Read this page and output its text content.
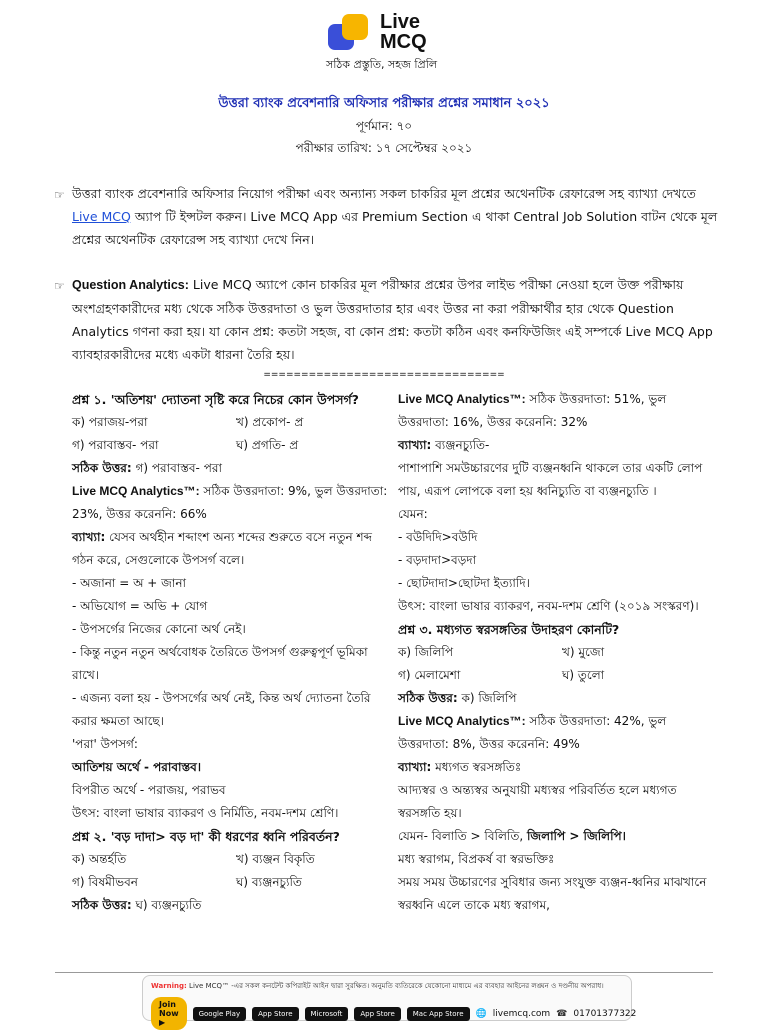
Live
MCQ
সঠিক প্রস্তুতি, সহজ প্রিলি
উত্তরা ব্যাংক প্রবেশনারি অফিসার পরীক্ষার প্রশ্নের সমাধান ২০২১
পূর্ণমান: ৭০
পরীক্ষার তারিখ: ১৭ সেপ্টেম্বর ২০২১
☞ উত্তরা ব্যাংক প্রবেশনারি অফিসার নিয়োগ পরীক্ষা এবং অন্যান্য সকল চাকরির মূল প্রশ্নের অথেনটিক রেফারেন্স সহ ব্যাখ্যা দেখতে Live MCQ অ্যাপ টি ইন্সটল করুন। Live MCQ App এর Premium Section এ থাকা Central Job Solution বাটন থেকে মূল প্রশ্নের অথেনটিক রেফারেন্স সহ ব্যাখ্যা দেখে নিন।
☞ Question Analytics: Live MCQ অ্যাপে কোন চাকরির মূল পরীক্ষার প্রশ্নের উপর লাইভ পরীক্ষা নেওয়া হলে উক্ত পরীক্ষায় অংশগ্রহণকারীদের মধ্য থেকে সঠিক উত্তরদাতা ও ভুল উত্তরদাতার হার এবং উত্তর না করা পরীক্ষার্থীর হার থেকে Question Analytics গণনা করা হয়। যা কোন প্রশ্ন: কতটা সহজ, বা কোন প্রশ্ন: কতটা কঠিন এবং কনফিউজিং এই সম্পর্কে Live MCQ App ব্যাবহারকারীদের মধ্যে একটা ধারনা তৈরি হয়।
================================
প্রশ্ন ১. 'অতিশয়' দ্যোতনা সৃষ্টি করে নিচের কোন উপসর্গ?
ক) পরাজয়-পরা	খ) প্রকোপ- প্র
গ) পরাবাস্তব- পরা	ঘ) প্রগতি- প্র
সঠিক উত্তর: গ) পরাবাস্তব- পরা
Live MCQ Analytics™: সঠিক উত্তরদাতা: 9%, ভুল উত্তরদাতা: 23%, উত্তর করেননি: 66%
ব্যাখ্যা: যেসব অর্থহীন শব্দাংশ অন্য শব্দের শুরুতে বসে নতুন শব্দ গঠন করে, সেগুলোকে উপসর্গ বলে।
- অজানা = অ + জানা
- অভিযোগ = অভি + যোগ
- উপসর্গের নিজের কোনো অর্থ নেই।
- কিন্তু নতুন নতুন অর্থবোধক তৈরিতে উপসর্গ গুরুত্বপূর্ণ ভূমিকা রাখে।
- এজন্য বলা হয় - উপসর্গের অর্থ নেই, কিন্ত অর্থ দ্যোতনা তৈরি করার ক্ষমতা আছে।
'পরা' উপসর্গ:
আতিশয় অর্থে - পরাবাস্তব।
বিপরীত অর্থে - পরাজয়, পরাভব
উৎস: বাংলা ভাষার ব্যাকরণ ও নির্মিতি, নবম-দশম শ্রেণি।
প্রশ্ন ২. 'বড় দাদা> বড় দা' কী ধরণের ধ্বনি পরিবর্তন?
ক) অন্তর্হতি	খ) ব্যঞ্জন বিকৃতি
গ) বিষমীভবন	ঘ) ব্যঞ্জনচ্যুতি
সঠিক উত্তর: ঘ) ব্যঞ্জনচ্যুতি
Live MCQ Analytics™: সঠিক উত্তরদাতা: 51%, ভুল উত্তরদাতা: 16%, উত্তর করেননি: 32%
ব্যাখ্যা: ব্যঞ্জনচ্যুতি-
পাশাপাশি সমউচ্চারণের দুটি ব্যঞ্জনধ্বনি থাকলে তার একটি লোপ পায়, এরূপ লোপকে বলা হয় ধ্বনিচ্যুতি বা ব্যঞ্জনচ্যুতি ।
যেমন:
- বউদিদি>বউদি
- বড়দাদা>বড়দা
- ছোটদাদা>ছোটদা ইত্যাদি।
উৎস: বাংলা ভাষার ব্যাকরণ, নবম-দশম শ্রেণি (২০১৯ সংস্করণ)।
প্রশ্ন ৩. মধ্যগত স্বরসঙ্গতির উদাহরণ কোনটি?
ক) জিলিপি	খ) মুজো
গ) মেলামেশা	ঘ) তুলো
সঠিক উত্তর: ক) জিলিপি
Live MCQ Analytics™: সঠিক উত্তরদাতা: 42%, ভুল উত্তরদাতা: 8%, উত্তর করেননি: 49%
ব্যাখ্যা: মধ্যগত স্বরসঙ্গতিঃ
আদ্যস্বর ও অন্ত্যস্বর অনুযায়ী মধ্যস্বর পরিবর্তিত হলে মধ্যগত স্বরসঙ্গতি হয়।
যেমন- বিলাতি > বিলিতি, জিলাপি > জিলিপি।
মধ্য স্বরাগম, বিপ্রকর্ষ বা স্বরভক্তিঃ
সময় সময় উচ্চারণের সুবিধার জন্য সংযুক্ত ব্যঞ্জন-ধ্বনির মাঝখানে স্বরধ্বনি এলে তাকে মধ্য স্বরাগম,
Warning: Live MCQ™ -এর সকল কনটেন্ট কপিরাইট আইন দ্বারা সুরক্ষিত। অনুমতি ব্যতিরেকে যেকোনো মাধ্যমে এর ব্যবহার আইনের লঙ্ঘন ও দণ্ডনীয় অপরাধ।
Join Now ▶
Google Play	App Store	Microsoft	App Store	Mac App Store	🌐 livemcq.com ☎ 01701377322
